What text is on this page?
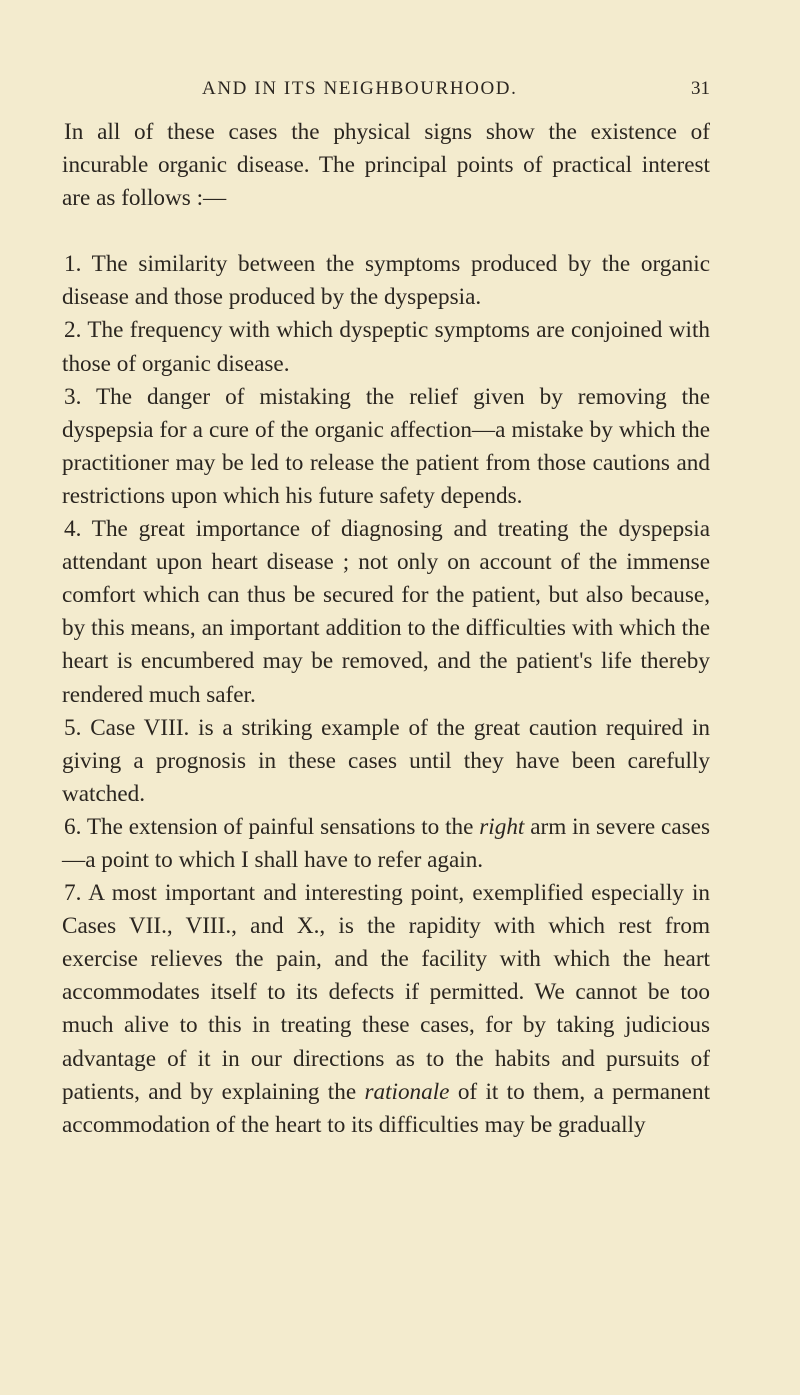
AND IN ITS NEIGHBOURHOOD.	31

In all of these cases the physical signs show the existence of incurable organic disease. The principal points of practical interest are as follows :—

1. The similarity between the symptoms produced by the organic disease and those produced by the dyspepsia.

2. The frequency with which dyspeptic symptoms are conjoined with those of organic disease.

3. The danger of mistaking the relief given by removing the dyspepsia for a cure of the organic affection—a mistake by which the practitioner may be led to release the patient from those cautions and restrictions upon which his future safety depends.

4. The great importance of diagnosing and treating the dyspepsia attendant upon heart disease ; not only on account of the immense comfort which can thus be secured for the patient, but also because, by this means, an important addition to the difficulties with which the heart is encumbered may be removed, and the patient's life thereby rendered much safer.

5. Case VIII. is a striking example of the great caution required in giving a prognosis in these cases until they have been carefully watched.

6. The extension of painful sensations to the right arm in severe cases—a point to which I shall have to refer again.

7. A most important and interesting point, exemplified especially in Cases VII., VIII., and X., is the rapidity with which rest from exercise relieves the pain, and the facility with which the heart accommodates itself to its defects if permitted. We cannot be too much alive to this in treating these cases, for by taking judicious advantage of it in our directions as to the habits and pursuits of patients, and by explaining the rationale of it to them, a permanent accommodation of the heart to its difficulties may be gradually
